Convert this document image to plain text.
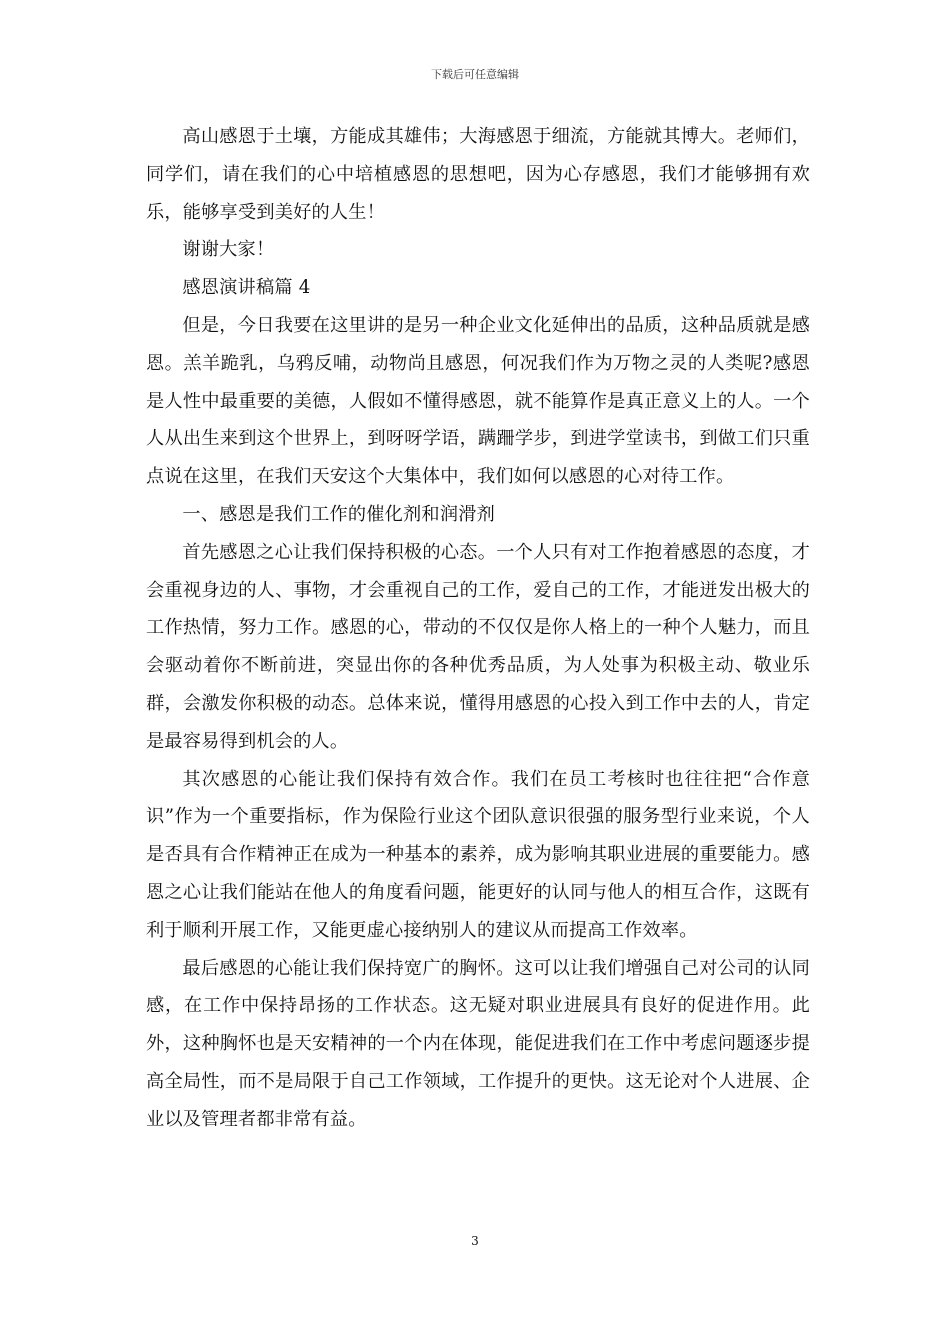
下载后可任意编辑

高山感恩于土壤，方能成其雄伟；大海感恩于细流，方能就其博大。老师们，同学们，请在我们的心中培植感恩的思想吧，因为心存感恩，我们才能够拥有欢乐，能够享受到美好的人生！

谢谢大家！

感恩演讲稿篇 4

但是，今日我要在这里讲的是另一种企业文化延伸出的品质，这种品质就是感恩。羔羊跪乳，乌鸦反哺，动物尚且感恩，何况我们作为万物之灵的人类呢?感恩是人性中最重要的美德，人假如不懂得感恩，就不能算作是真正意义上的人。一个人从出生来到这个世界上，到呀呀学语，蹒跚学步，到进学堂读书，到做工们只重点说在这里，在我们天安这个大集体中，我们如何以感恩的心对待工作。

一、感恩是我们工作的催化剂和润滑剂

首先感恩之心让我们保持积极的心态。一个人只有对工作抱着感恩的态度，才会重视身边的人、事物，才会重视自己的工作，爱自己的工作，才能迸发出极大的工作热情，努力工作。感恩的心，带动的不仅仅是你人格上的一种个人魅力，而且会驱动着你不断前进，突显出你的各种优秀品质，为人处事为积极主动、敬业乐群，会激发你积极的动态。总体来说，懂得用感恩的心投入到工作中去的人，肯定是最容易得到机会的人。

其次感恩的心能让我们保持有效合作。我们在员工考核时也往往把“合作意识”作为一个重要指标，作为保险行业这个团队意识很强的服务型行业来说，个人是否具有合作精神正在成为一种基本的素养，成为影响其职业进展的重要能力。感恩之心让我们能站在他人的角度看问题，能更好的认同与他人的相互合作，这既有利于顺利开展工作，又能更虚心接纳别人的建议从而提高工作效率。

最后感恩的心能让我们保持宽广的胸怀。这可以让我们增强自己对公司的认同感，在工作中保持昂扬的工作状态。这无疑对职业进展具有良好的促进作用。此外，这种胸怀也是天安精神的一个内在体现，能促进我们在工作中考虑问题逐步提高全局性，而不是局限于自己工作领域，工作提升的更快。这无论对个人进展、企业以及管理者都非常有益。

3
